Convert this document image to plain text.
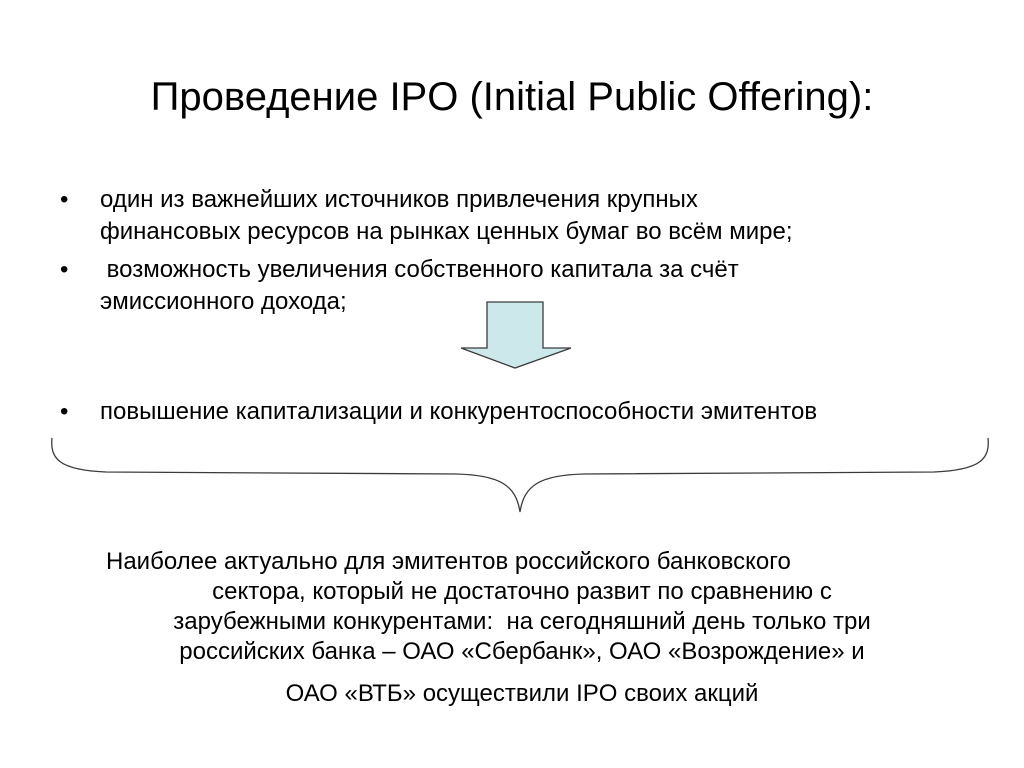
Проведение IPO (Initial Public Offering):
•	один из важнейших источников привлечения крупных
финансовых ресурсов на рынках ценных бумаг во всём мире;
•	возможность увеличения собственного капитала за счёт
эмиссионного дохода;
•	повышение капитализации и конкурентоспособности эмитентов

Наиболее актуально для эмитентов российского банковского
сектора, который не достаточно развит по сравнению с
зарубежными конкурентами:  на сегодняшний день только три
российских банка – ОАО «Сбербанк», ОАО «Возрождение» и
ОАО «ВТБ» осуществили IPO своих акций
